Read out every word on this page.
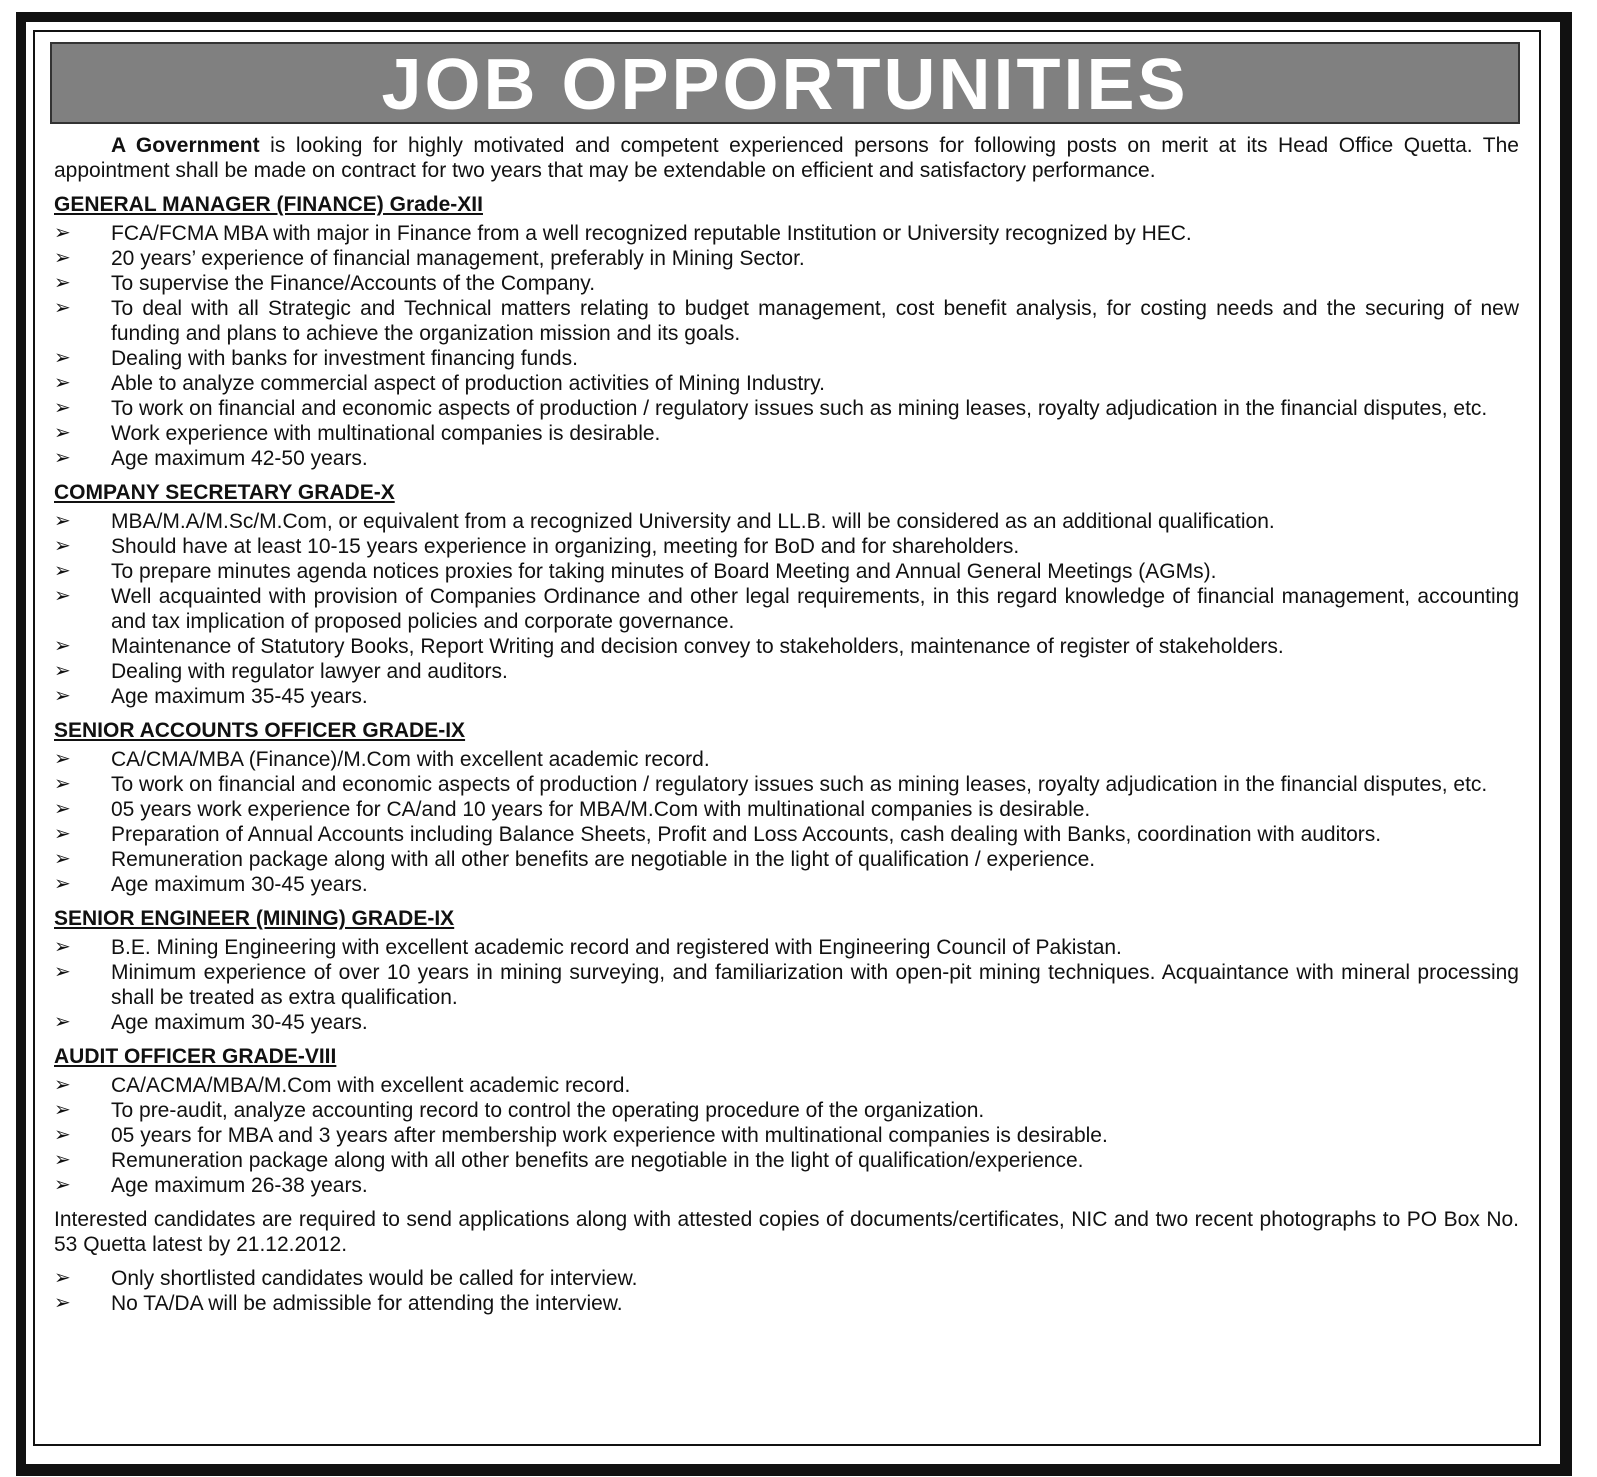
JOB OPPORTUNITIES

A Government is looking for highly motivated and competent experienced persons for following posts on merit at its Head Office Quetta. The appointment shall be made on contract for two years that may be extendable on efficient and satisfactory performance.

GENERAL MANAGER (FINANCE) Grade-XII
➢	FCA/FCMA MBA with major in Finance from a well recognized reputable Institution or University recognized by HEC.
➢	20 years’ experience of financial management, preferably in Mining Sector.
➢	To supervise the Finance/Accounts of the Company.
➢	To deal with all Strategic and Technical matters relating to budget management, cost benefit analysis, for costing needs and the securing of new funding and plans to achieve the organization mission and its goals.
➢	Dealing with banks for investment financing funds.
➢	Able to analyze commercial aspect of production activities of Mining Industry.
➢	To work on financial and economic aspects of production / regulatory issues such as mining leases, royalty adjudication in the financial disputes, etc.
➢	Work experience with multinational companies is desirable.
➢	Age maximum 42-50 years.
COMPANY SECRETARY GRADE-X
➢	MBA/M.A/M.Sc/M.Com, or equivalent from a recognized University and LL.B. will be considered as an additional qualification.
➢	Should have at least 10-15 years experience in organizing, meeting for BoD and for shareholders.
➢	To prepare minutes agenda notices proxies for taking minutes of Board Meeting and Annual General Meetings (AGMs).
➢	Well acquainted with provision of Companies Ordinance and other legal requirements, in this regard knowledge of financial management, accounting and tax implication of proposed policies and corporate governance.
➢	Maintenance of Statutory Books, Report Writing and decision convey to stakeholders, maintenance of register of stakeholders.
➢	Dealing with regulator lawyer and auditors.
➢	Age maximum 35-45 years.
SENIOR ACCOUNTS OFFICER GRADE-IX
➢	CA/CMA/MBA (Finance)/M.Com with excellent academic record.
➢	To work on financial and economic aspects of production / regulatory issues such as mining leases, royalty adjudication in the financial disputes, etc.
➢	05 years work experience for CA/and 10 years for MBA/M.Com with multinational companies is desirable.
➢	Preparation of Annual Accounts including Balance Sheets, Profit and Loss Accounts, cash dealing with Banks, coordination with auditors.
➢	Remuneration package along with all other benefits are negotiable in the light of qualification / experience.
➢	Age maximum 30-45 years.
SENIOR ENGINEER (MINING) GRADE-IX
➢	B.E. Mining Engineering with excellent academic record and registered with Engineering Council of Pakistan.
➢	Minimum experience of over 10 years in mining surveying, and familiarization with open-pit mining techniques. Acquaintance with mineral processing shall be treated as extra qualification.
➢	Age maximum 30-45 years.
AUDIT OFFICER GRADE-VIII
➢	CA/ACMA/MBA/M.Com with excellent academic record.
➢	To pre-audit, analyze accounting record to control the operating procedure of the organization.
➢	05 years for MBA and 3 years after membership work experience with multinational companies is desirable.
➢	Remuneration package along with all other benefits are negotiable in the light of qualification/experience.
➢	Age maximum 26-38 years.

Interested candidates are required to send applications along with attested copies of documents/certificates, NIC and two recent photographs to PO Box No. 53 Quetta latest by 21.12.2012.

➢	Only shortlisted candidates would be called for interview.
➢	No TA/DA will be admissible for attending the interview.
